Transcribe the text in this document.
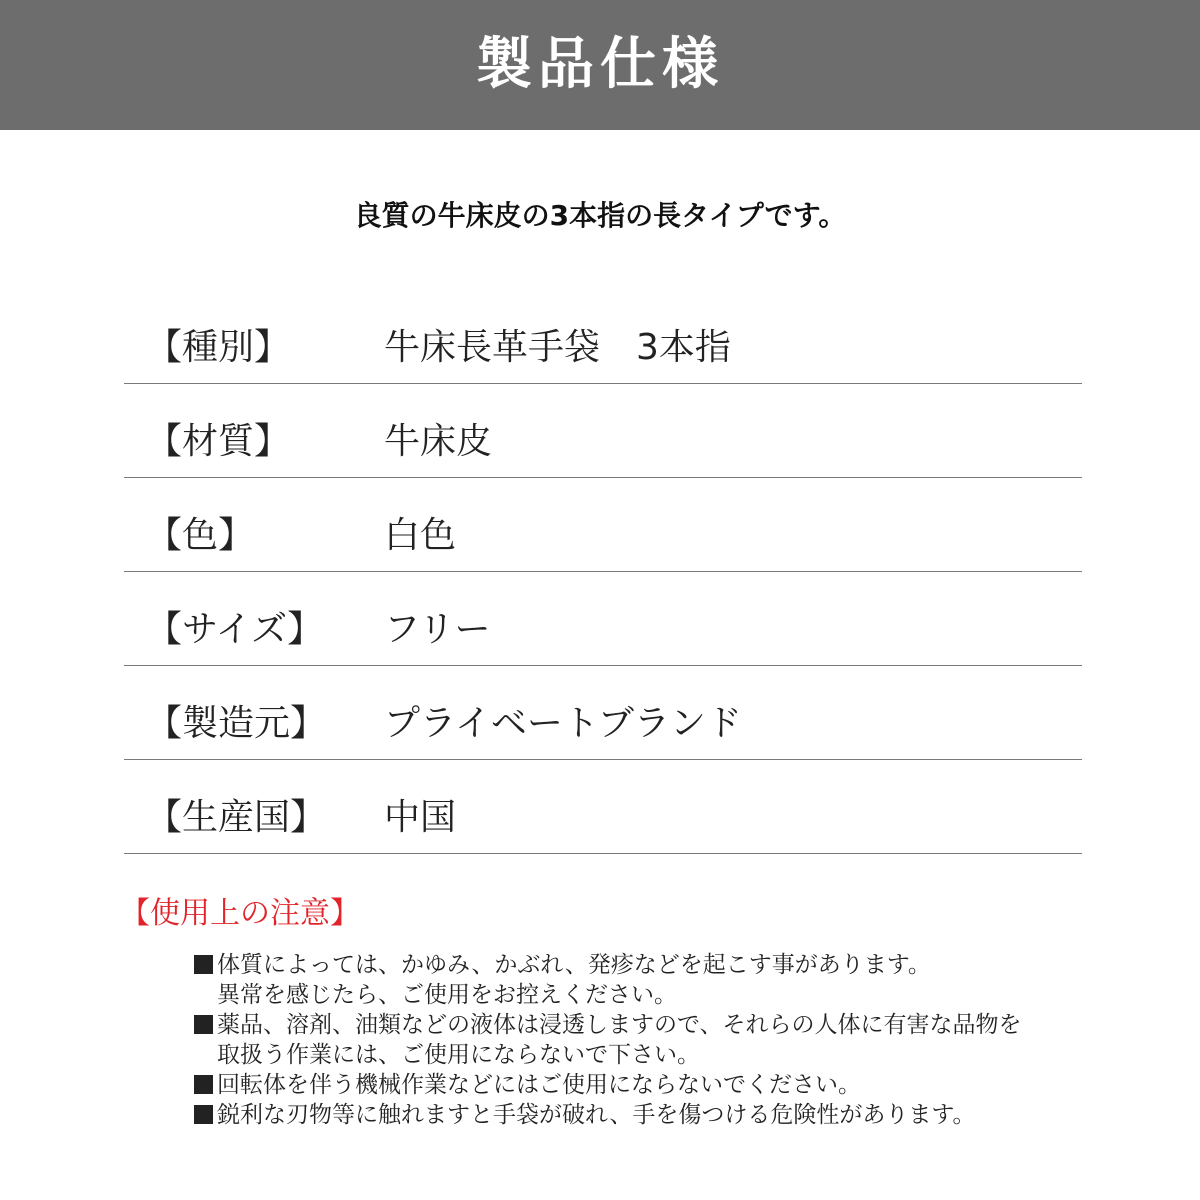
製品仕様
良質の牛床皮の3本指の長タイプです。
【種別】	牛床長革手袋　3本指
【材質】	牛床皮
【色】	白色
【サイズ】 フリー
【製造元】 プライベートブランド
【生産国】 中国
【使用上の注意】
体質によっては、かゆみ、かぶれ、発疹などを起こす事があります。
異常を感じたら、ご使用をお控えください。
薬品、溶剤、油類などの液体は浸透しますので、それらの人体に有害な品物を
取扱う作業には、ご使用にならないで下さい。
回転体を伴う機械作業などにはご使用にならないでください。
鋭利な刃物等に触れますと手袋が破れ、手を傷つける危険性があります。
